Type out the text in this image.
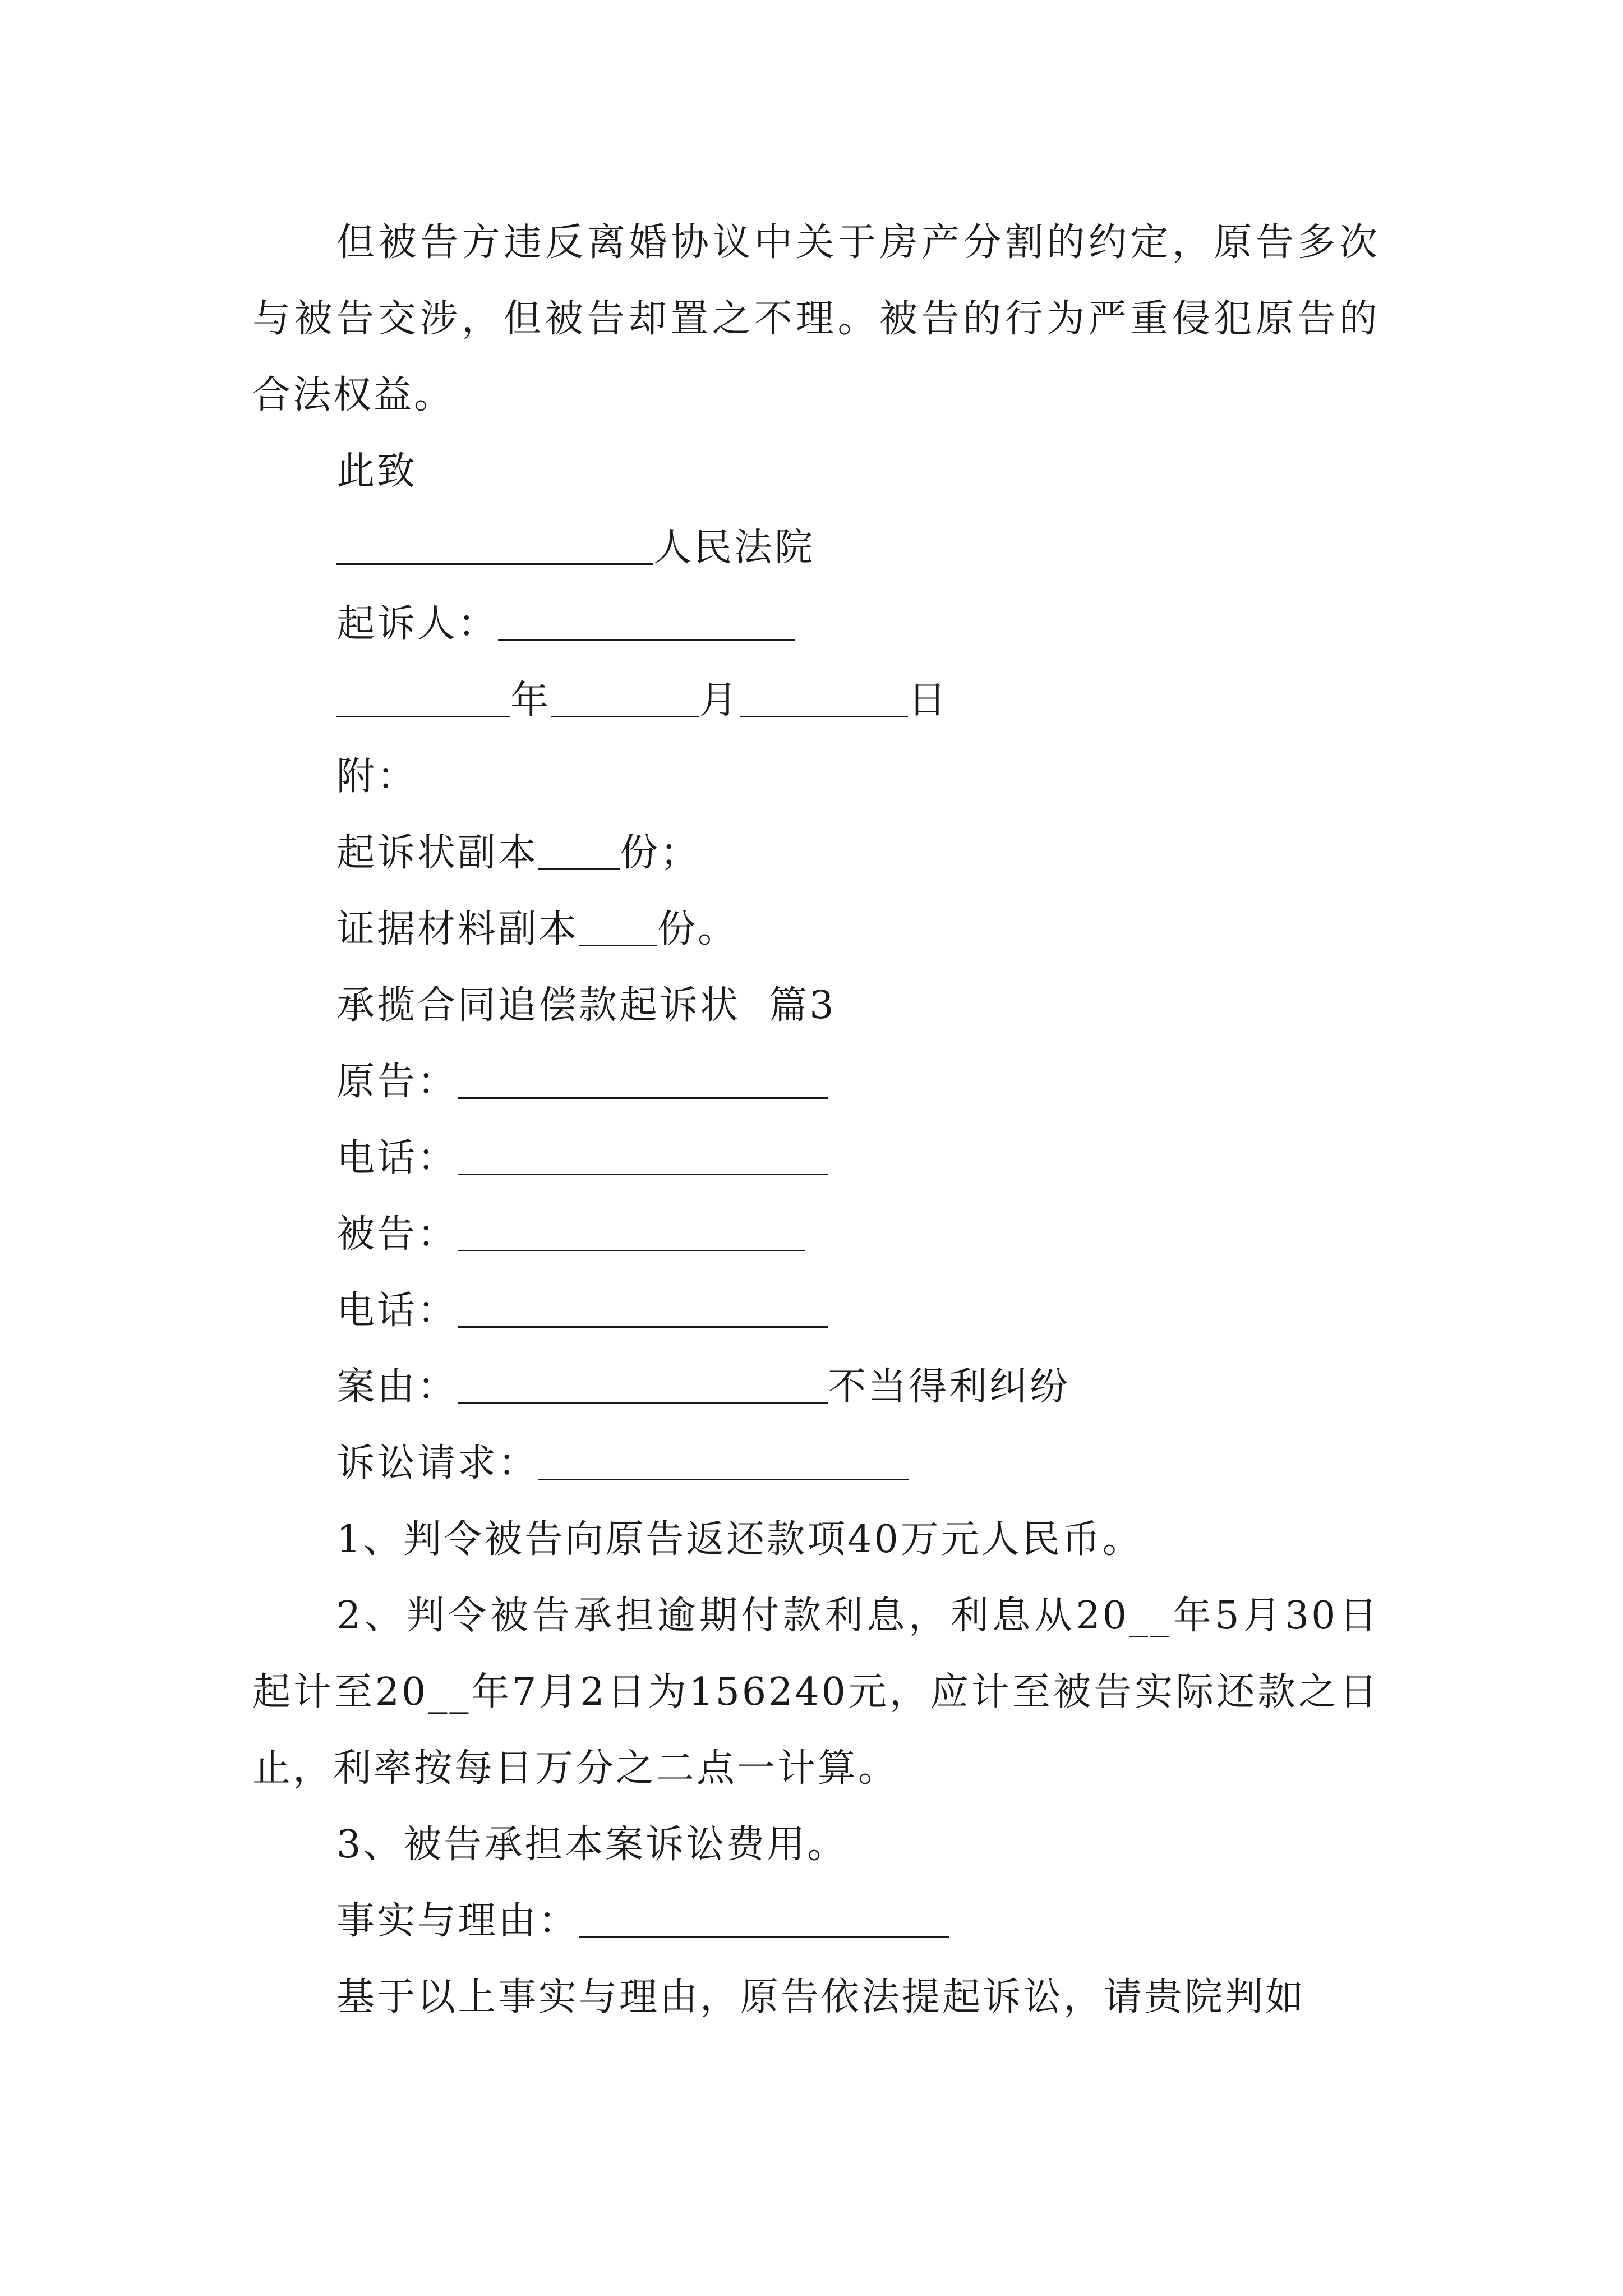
但被告方违反离婚协议中关于房产分割的约定，原告多次与被告交涉，但被告却置之不理。被告的行为严重侵犯原告的合法权益。

此致

人民法院

起诉人：

年	月	日

附：

起诉状副本 份；

证据材料副本 份。

承揽合同追偿款起诉状  篇3

原告：

电话：

被告：

电话：

案由：	不当得利纠纷

诉讼请求：

1、判令被告向原告返还款项40万元人民币。

2、判令被告承担逾期付款利息，利息从20__年5月30日起计至20__年7月2日为156240元，应计至被告实际还款之日止，利率按每日万分之二点一计算。

3、被告承担本案诉讼费用。

事实与理由：

基于以上事实与理由，原告依法提起诉讼，请贵院判如
